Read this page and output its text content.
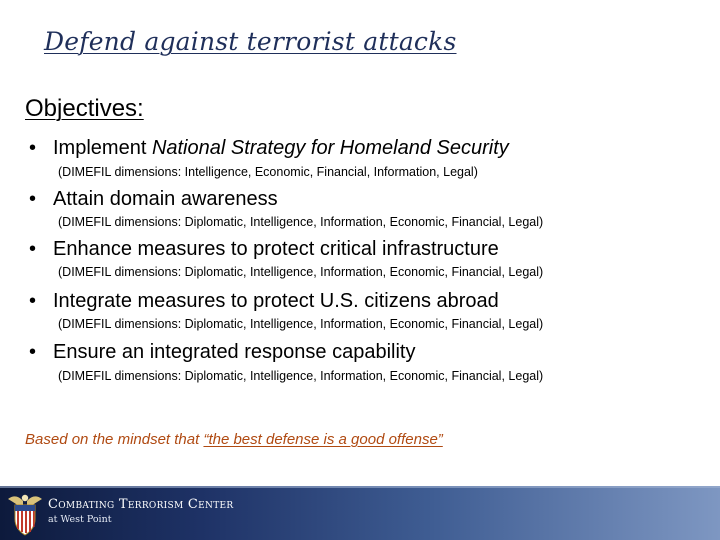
Defend against terrorist attacks
Objectives:
• Implement National Strategy for Homeland Security
(DIMEFIL dimensions: Intelligence, Economic, Financial, Information, Legal)
• Attain domain awareness
(DIMEFIL dimensions: Diplomatic, Intelligence, Information, Economic, Financial, Legal)
• Enhance measures to protect critical infrastructure
(DIMEFIL dimensions: Diplomatic, Intelligence, Information, Economic, Financial, Legal)
• Integrate measures to protect U.S. citizens abroad
(DIMEFIL dimensions: Diplomatic, Intelligence, Information, Economic, Financial, Legal)
• Ensure an integrated response capability
(DIMEFIL dimensions: Diplomatic, Intelligence, Information, Economic, Financial, Legal)
Based on the mindset that “the best defense is a good offense”
Combating Terrorism Center
at West Point
